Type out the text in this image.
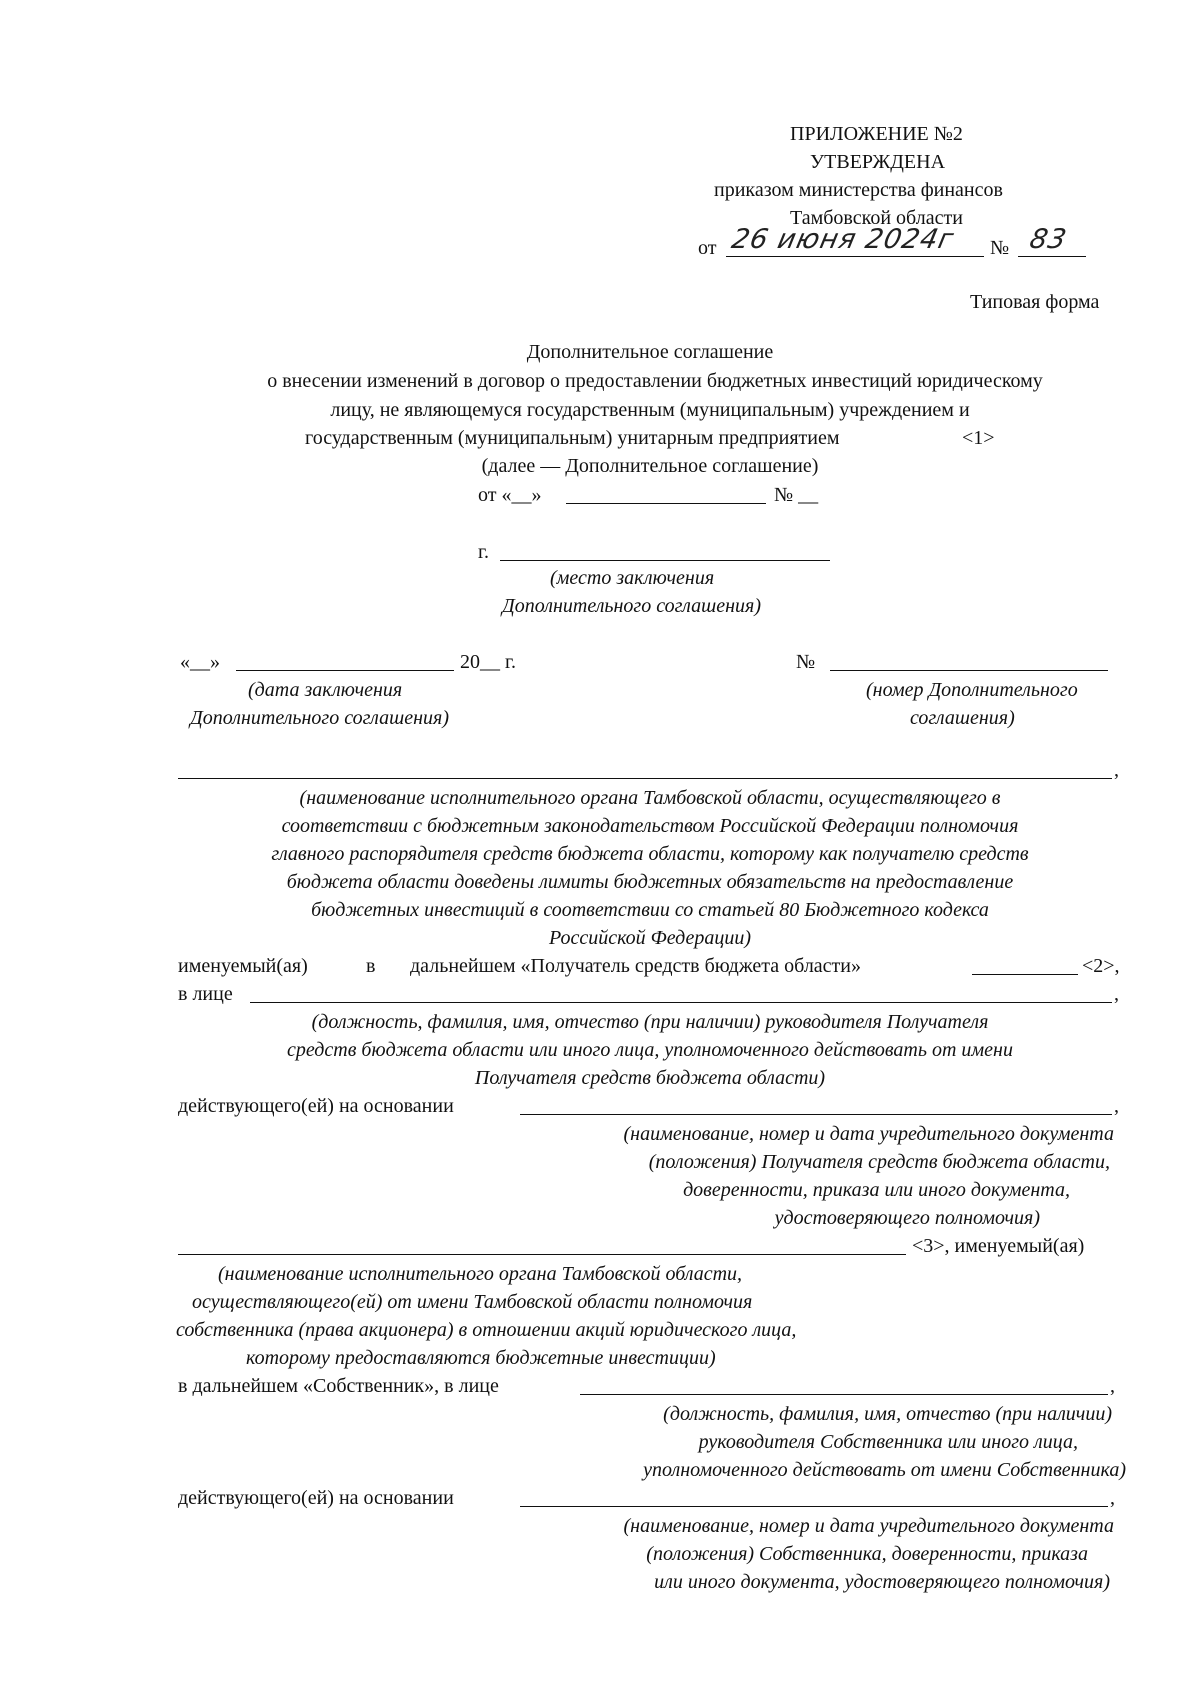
ПРИЛОЖЕНИЕ №2
УТВЕРЖДЕНА
приказом министерства финансов
Тамбовской области
от 26 июня 2024г № 83
Типовая форма
Дополнительное соглашение
о внесении изменений в договор о предоставлении бюджетных инвестиций юридическому
лицу, не являющемуся государственным (муниципальным) учреждением и
государственным (муниципальным) унитарным предприятием	<1>
(далее — Дополнительное соглашение)
от «__»	№ __
г.
(место заключения
Дополнительного соглашения)
«__»	20__ г.
(дата заключения
Дополнительного соглашения)
№
(номер Дополнительного
соглашения)
,
(наименование исполнительного органа Тамбовской области, осуществляющего в
соответствии с бюджетным законодательством Российской Федерации полномочия
главного распорядителя средств бюджета области, которому как получателю средств
бюджета области доведены лимиты бюджетных обязательств на предоставление
бюджетных инвестиций в соответствии со статьей 80 Бюджетного кодекса
Российской Федерации)
именуемый(ая)	в дальнейшем «Получатель средств бюджета области»	<2>,
в лице	,
(должность, фамилия, имя, отчество (при наличии) руководителя Получателя
средств бюджета области или иного лица, уполномоченного действовать от имени
Получателя средств бюджета области)
действующего(ей) на основании	,
(наименование, номер и дата учредительного документа
(положения) Получателя средств бюджета области,
доверенности, приказа или иного документа,
удостоверяющего полномочия)
<3>, именуемый(ая)
(наименование исполнительного органа Тамбовской области,
осуществляющего(ей) от имени Тамбовской области полномочия
собственника (права акционера) в отношении акций юридического лица,
которому предоставляются бюджетные инвестиции)
в дальнейшем «Собственник», в лице	,
(должность, фамилия, имя, отчество (при наличии)
руководителя Собственника или иного лица,
уполномоченного действовать от имени Собственника)
действующего(ей) на основании	,
(наименование, номер и дата учредительного документа
(положения) Собственника, доверенности, приказа
или иного документа, удостоверяющего полномочия)
